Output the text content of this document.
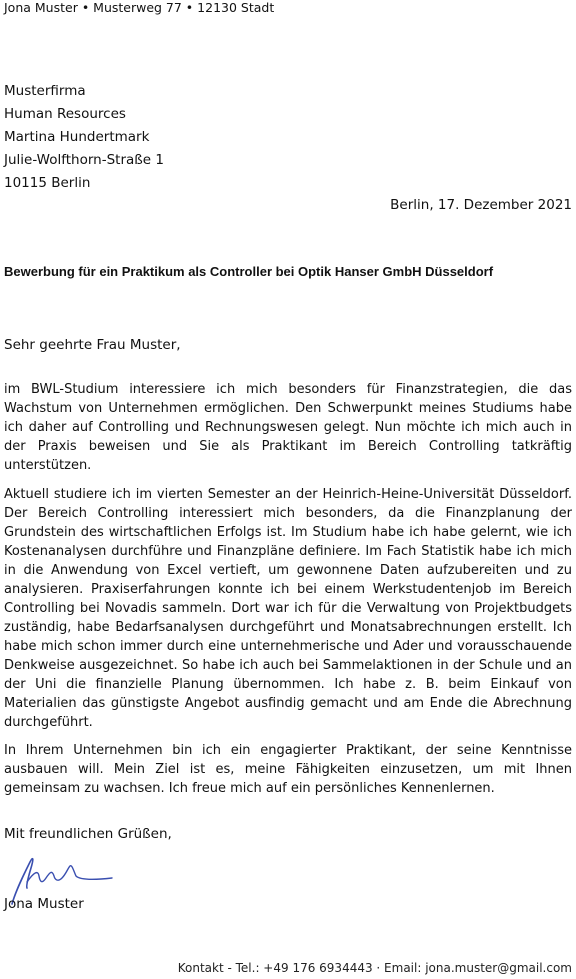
Jona Muster • Musterweg 77 • 12130 Stadt
Musterfirma
Human Resources
Martina Hundertmark
Julie-Wolfthorn-Straße 1
10115 Berlin
Berlin, 17. Dezember 2021
Bewerbung für ein Praktikum als Controller bei Optik Hanser GmbH Düsseldorf
Sehr geehrte Frau Muster,

im BWL-Studium interessiere ich mich besonders für Finanzstrategien, die das Wachstum von Unternehmen ermöglichen. Den Schwerpunkt meines Studiums habe ich daher auf Controlling und Rechnungswesen gelegt. Nun möchte ich mich auch in der Praxis beweisen und Sie als Praktikant im Bereich Controlling tatkräftig unterstützen.

Aktuell studiere ich im vierten Semester an der Heinrich-Heine-Universität Düsseldorf. Der Bereich Controlling interessiert mich besonders, da die Finanzplanung der Grundstein des wirtschaftlichen Erfolgs ist. Im Studium habe ich habe gelernt, wie ich Kostenanalysen durchführe und Finanzpläne definiere. Im Fach Statistik habe ich mich in die Anwendung von Excel vertieft, um gewonnene Daten aufzubereiten und zu analysieren. Praxiserfahrungen konnte ich bei einem Werkstudentenjob im Bereich Controlling bei Novadis sammeln. Dort war ich für die Verwaltung von Projektbudgets zuständig, habe Bedarfsanalysen durchgeführt und Monatsabrechnungen erstellt. Ich habe mich schon immer durch eine unternehmerische und Ader und vorausschauende Denkweise ausgezeichnet. So habe ich auch bei Sammelaktionen in der Schule und an der Uni die finanzielle Planung übernommen. Ich habe z. B. beim Einkauf von Materialien das günstigste Angebot ausfindig gemacht und am Ende die Abrechnung durchgeführt.

In Ihrem Unternehmen bin ich ein engagierter Praktikant, der seine Kenntnisse ausbauen will. Mein Ziel ist es, meine Fähigkeiten einzusetzen, um mit Ihnen gemeinsam zu wachsen. Ich freue mich auf ein persönliches Kennenlernen.

Mit freundlichen Grüßen,
Jona Muster
Kontakt - Tel.: +49 176 6934443 · Email: jona.muster@gmail.com
